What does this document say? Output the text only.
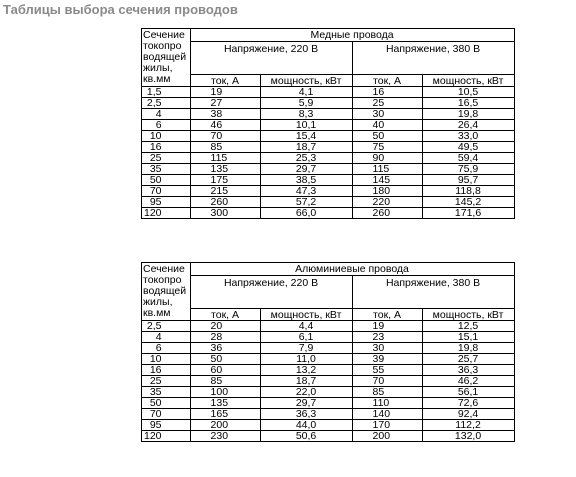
Таблицы выбора сечения проводов
Сечение токопро водящей жилы, кв.мм	Медные провода			
	Напряжение, 220 В		Напряжение, 380 В	
	ток, А	мощность, кВт	ток, А	мощность, кВт
1,5	19	4,1	16	10,5
2,5	27	5,9	25	16,5
4	38	8,3	30	19,8
6	46	10,1	40	26,4
10	70	15,4	50	33,0
16	85	18,7	75	49,5
25	115	25,3	90	59,4
35	135	29,7	115	75,9
50	175	38,5	145	95,7
70	215	47,3	180	118,8
95	260	57,2	220	145,2
120	300	66,0	260	171,6
Сечение токопро водящей жилы, кв.мм	Алюминиевые провода			
	Напряжение, 220 В		Напряжение, 380 В	
	ток, А	мощность, кВт	ток, А	мощность, кВт
2,5	20	4,4	19	12,5
4	28	6,1	23	15,1
6	36	7,9	30	19,8
10	50	11,0	39	25,7
16	60	13,2	55	36,3
25	85	18,7	70	46,2
35	100	22,0	85	56,1
50	135	29,7	110	72,6
70	165	36,3	140	92,4
95	200	44,0	170	112,2
120	230	50,6	200	132,0
